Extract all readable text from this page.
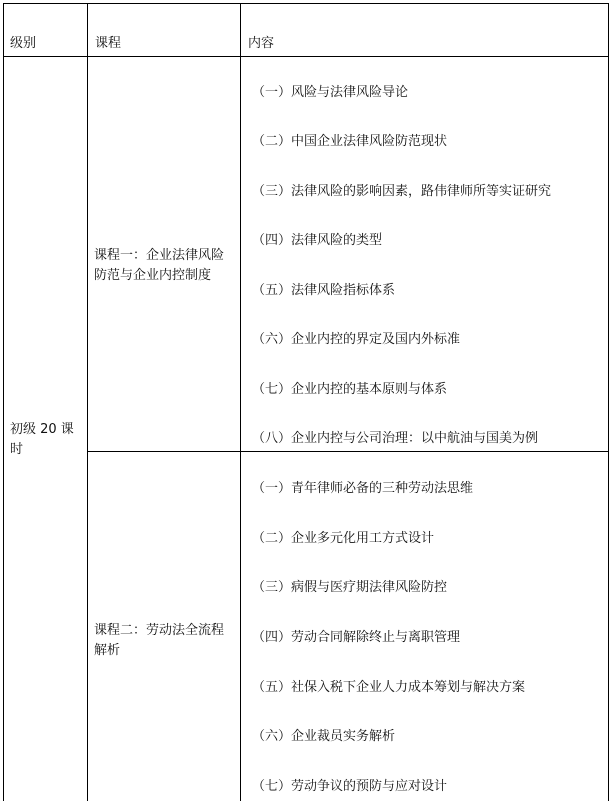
级别	课程	内容
初级 20 课时
课程一：企业法律风险防范与企业内控制度
课程二：劳动法全流程解析
（一）风险与法律风险导论
（二）中国企业法律风险防范现状
（三）法律风险的影响因素，路伟律师所等实证研究
（四）法律风险的类型
（五）法律风险指标体系
（六）企业内控的界定及国内外标准
（七）企业内控的基本原则与体系
（八）企业内控与公司治理：以中航油与国美为例
（一）青年律师必备的三种劳动法思维
（二）企业多元化用工方式设计
（三）病假与医疗期法律风险防控
（四）劳动合同解除终止与离职管理
（五）社保入税下企业人力成本筹划与解决方案
（六）企业裁员实务解析
（七）劳动争议的预防与应对设计
